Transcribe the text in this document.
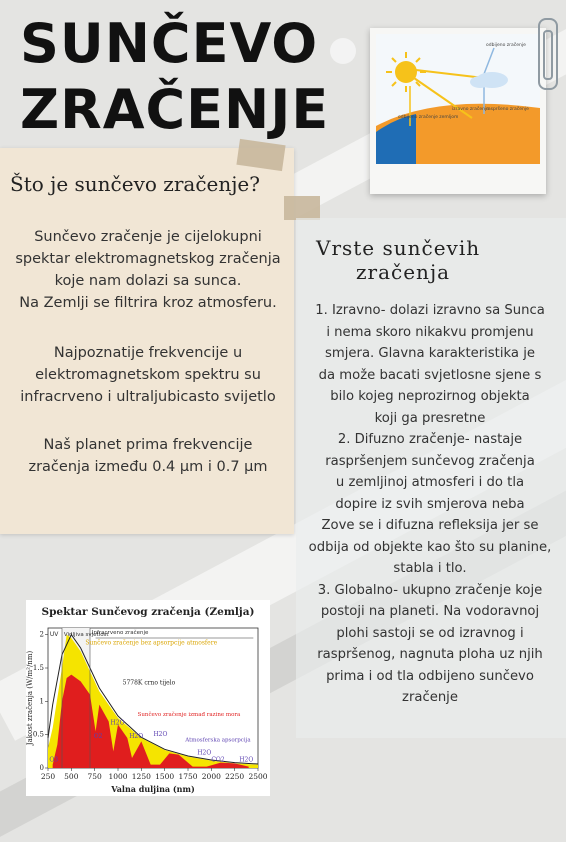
SUNČEVO
ZRAČENJE
odbijeno zračenje
izravno zračenje
raspršeno zračenje
odbijeno zračenje zemljom
Što je sunčevo zračenje?

Sunčevo zračenje je cijelokupni

spektar elektromagnetskog zračenja

koje nam dolazi sa sunca.

Na Zemlji se filtrira kroz atmosferu.

Najpoznatije frekvencije u

elektromagnetskom spektru su

infracrveno i ultraljubicasto svijetlo

Naš planet prima frekvencije

zračenja između 0.4 µm i 0.7 µm

Vrste sunčevih
zračenja

1. Izravno- dolazi izravno sa Sunca

i nema skoro nikakvu promjenu

smjera. Glavna karakteristika je

da može bacati svjetlosne sjene s

bilo kojeg neprozirnog objekta

koji ga presretne

2. Difuzno zračenje- nastaje

raspršenjem sunčevog zračenja

u zemljinoj atmosferi i do tla

dopire iz svih smjerova neba

Zove se i difuzna refleksija jer se

odbija od objekte kao što su planine,

stabla i tlo.

3. Globalno- ukupno zračenje koje

postoji na planeti. Na vodoravnoj

plohi sastoji se od izravnog i

raspršenog, nagnuta ploha uz njih

prima i od tla odbijeno sunčevo

zračenje

Spektar Sunčevog zračenja (Zemlja)
UV Vidljiva svjetlost
Infracrveno zračenje
Sunčevo zračenje bez apsorpcije atmosfere
5778K crno tijelo
Sunčevo zračenje izmađ razine mora
Atmosferska apsorpcija
O3
O2
H2O
H2O H2O
H2O
CO2 H2O
250 500 750 1000 1250 1500 1750 2000 2250 2500
0
0.5
1
1.5
2
Valna duljina (nm)
Jakost zračenja (W/m²/nm)
